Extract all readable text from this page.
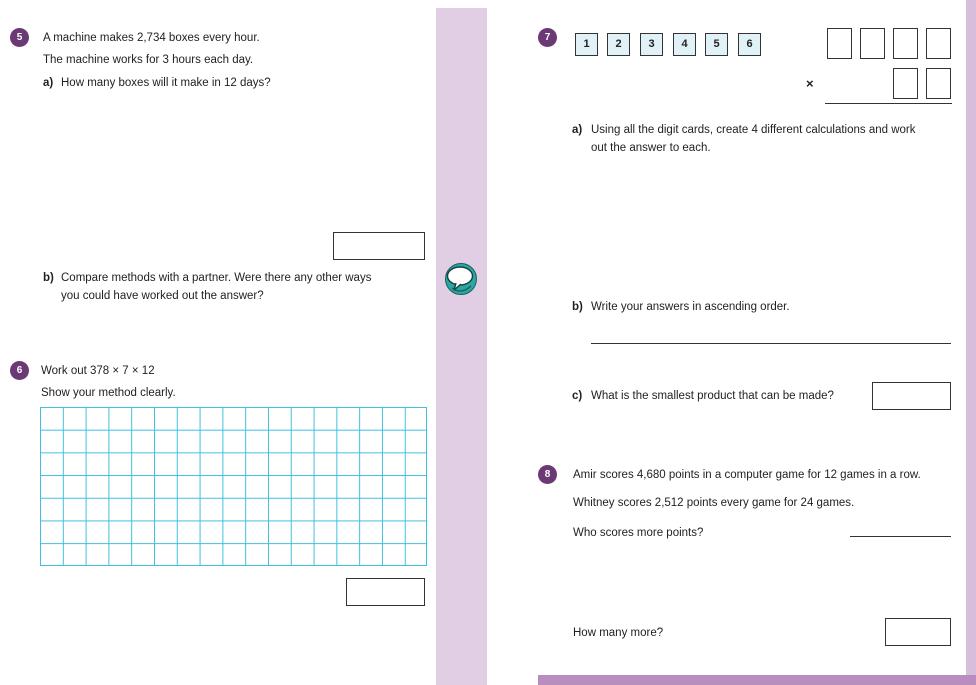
5	A machine makes 2,734 boxes every hour.
The machine works for 3 hours each day.
a) How many boxes will it make in 12 days?
b) Compare methods with a partner. Were there any other ways
you could have worked out the answer?
6	Work out 378 × 7 × 12
Show your method clearly.
7
1	2	3	4	5	6
×
a) Using all the digit cards, create 4 different calculations and work
out the answer to each.
b) Write your answers in ascending order.
c) What is the smallest product that can be made?
8	Amir scores 4,680 points in a computer game for 12 games in a row.
Whitney scores 2,512 points every game for 24 games.
Who scores more points?
How many more?
